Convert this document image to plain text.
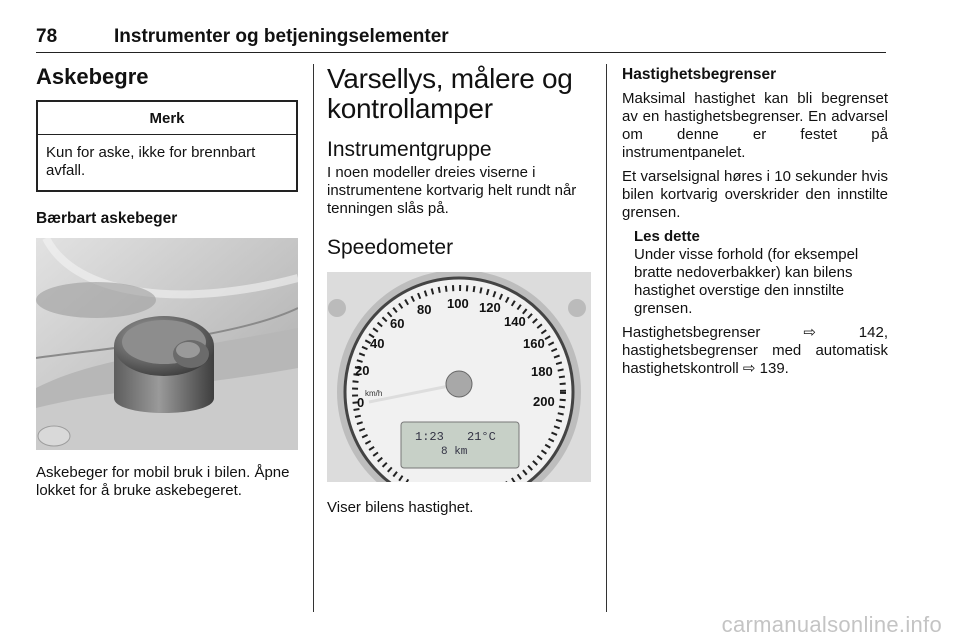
78	Instrumenter og betjeningselementer
Askebegre
Merk
Kun for aske, ikke for brennbart avfall.
Bærbart askebeger
Askebeger for mobil bruk i bilen. Åpne lokket for å bruke askebegeret.
Varsellys, målere og kontrollamper
Instrumentgruppe

I noen modeller dreies viserne i instrumentene kortvarig helt rundt når tenningen slås på.

Speedometer
0
20
40
60
80 100 120
140
160
180
200
km/h
1:23 21°C
8 km
Viser bilens hastighet.
Hastighetsbegrenser

Maksimal hastighet kan bli begrenset av en hastighetsbegrenser. En advarsel om denne er festet på instrumentpanelet.

Et varselsignal høres i 10 sekunder hvis bilen kortvarig overskrider den innstilte grensen.

Les dette

Under visse forhold (for eksempel bratte nedoverbakker) kan bilens hastighet overstige den innstilte grensen.

Hastighetsbegrenser ⇨ 142, hastighetsbegrenser med automatisk hastighetskontroll ⇨ 139.

carmanualsonline.info
